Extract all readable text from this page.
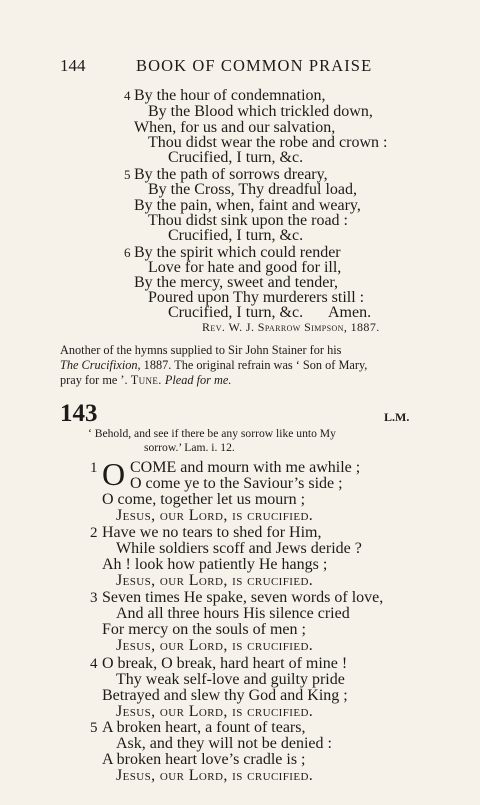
144	BOOK OF COMMON PRAISE
4 By the hour of condemnation,
By the Blood which trickled down,
When, for us and our salvation,
Thou didst wear the robe and crown :
Crucified, I turn, &c.
5 By the path of sorrows dreary,
By the Cross, Thy dreadful load,
By the pain, when, faint and weary,
Thou didst sink upon the road :
Crucified, I turn, &c.
6 By the spirit which could render
Love for hate and good for ill,
By the mercy, sweet and tender,
Poured upon Thy murderers still :
Crucified, I turn, &c. Amen.
Rev. W. J. Sparrow Simpson, 1887.

Another of the hymns supplied to Sir John Stainer for his

The Crucifixion, 1887. The original refrain was ‘ Son of Mary,

pray for me ’. Tune. Plead for me.

143	L.M.

‘ Behold, and see if there be any sorrow like unto My

sorrow.’ Lam. i. 12.

1 O COME and mourn with me awhile ;
O come ye to the Saviour’s side ;
O come, together let us mourn ;
Jesus, our Lord, is crucified.
2 Have we no tears to shed for Him,
While soldiers scoff and Jews deride ?
Ah ! look how patiently He hangs ;
Jesus, our Lord, is crucified.
3 Seven times He spake, seven words of love,
And all three hours His silence cried
For mercy on the souls of men ;
Jesus, our Lord, is crucified.
4 O break, O break, hard heart of mine !
Thy weak self-love and guilty pride
Betrayed and slew thy God and King ;
Jesus, our Lord, is crucified.
5 A broken heart, a fount of tears,
Ask, and they will not be denied :
A broken heart love’s cradle is ;
Jesus, our Lord, is crucified.
